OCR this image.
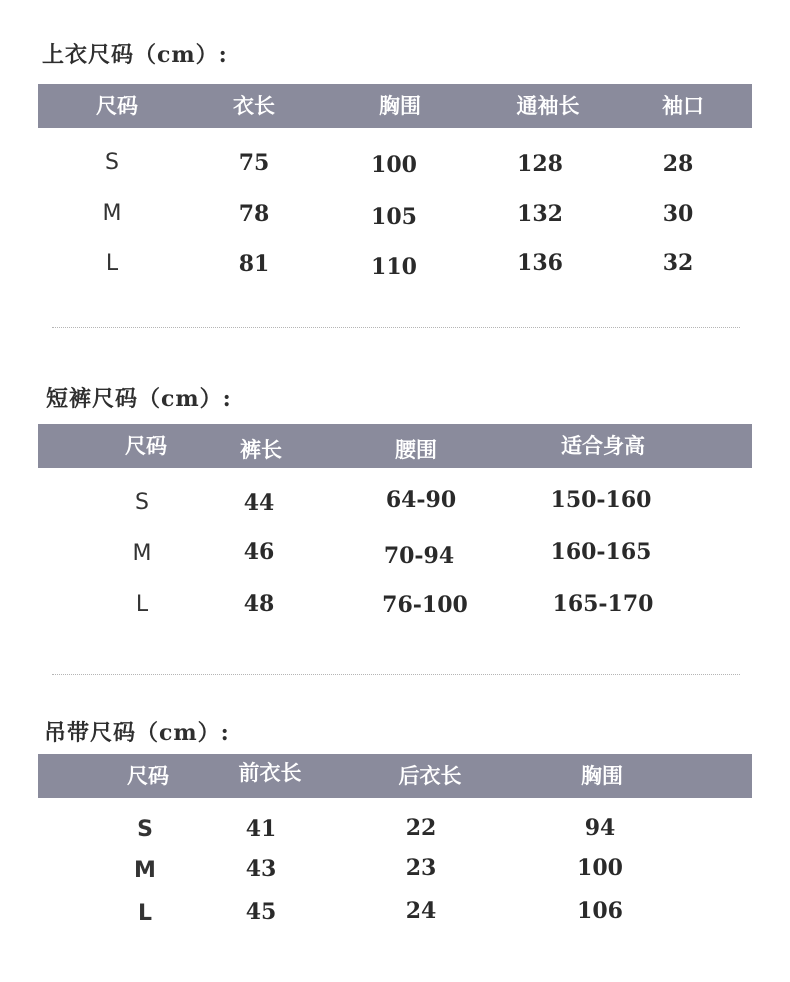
上衣尺码（cm）:
尺码	衣长	胸围	通袖长	袖口
S	75	100	128	28
M	78	105	132	30
L	81	110	136	32
短裤尺码（cm）:
尺码	裤长	腰围	适合身高
S	44	64-90	150-160
M	46	70-94	160-165
L	48	76-100	165-170
吊带尺码（cm）:
尺码	前衣长	后衣长	胸围
S	41	22	94
M	43	23	100
L	45	24	106
